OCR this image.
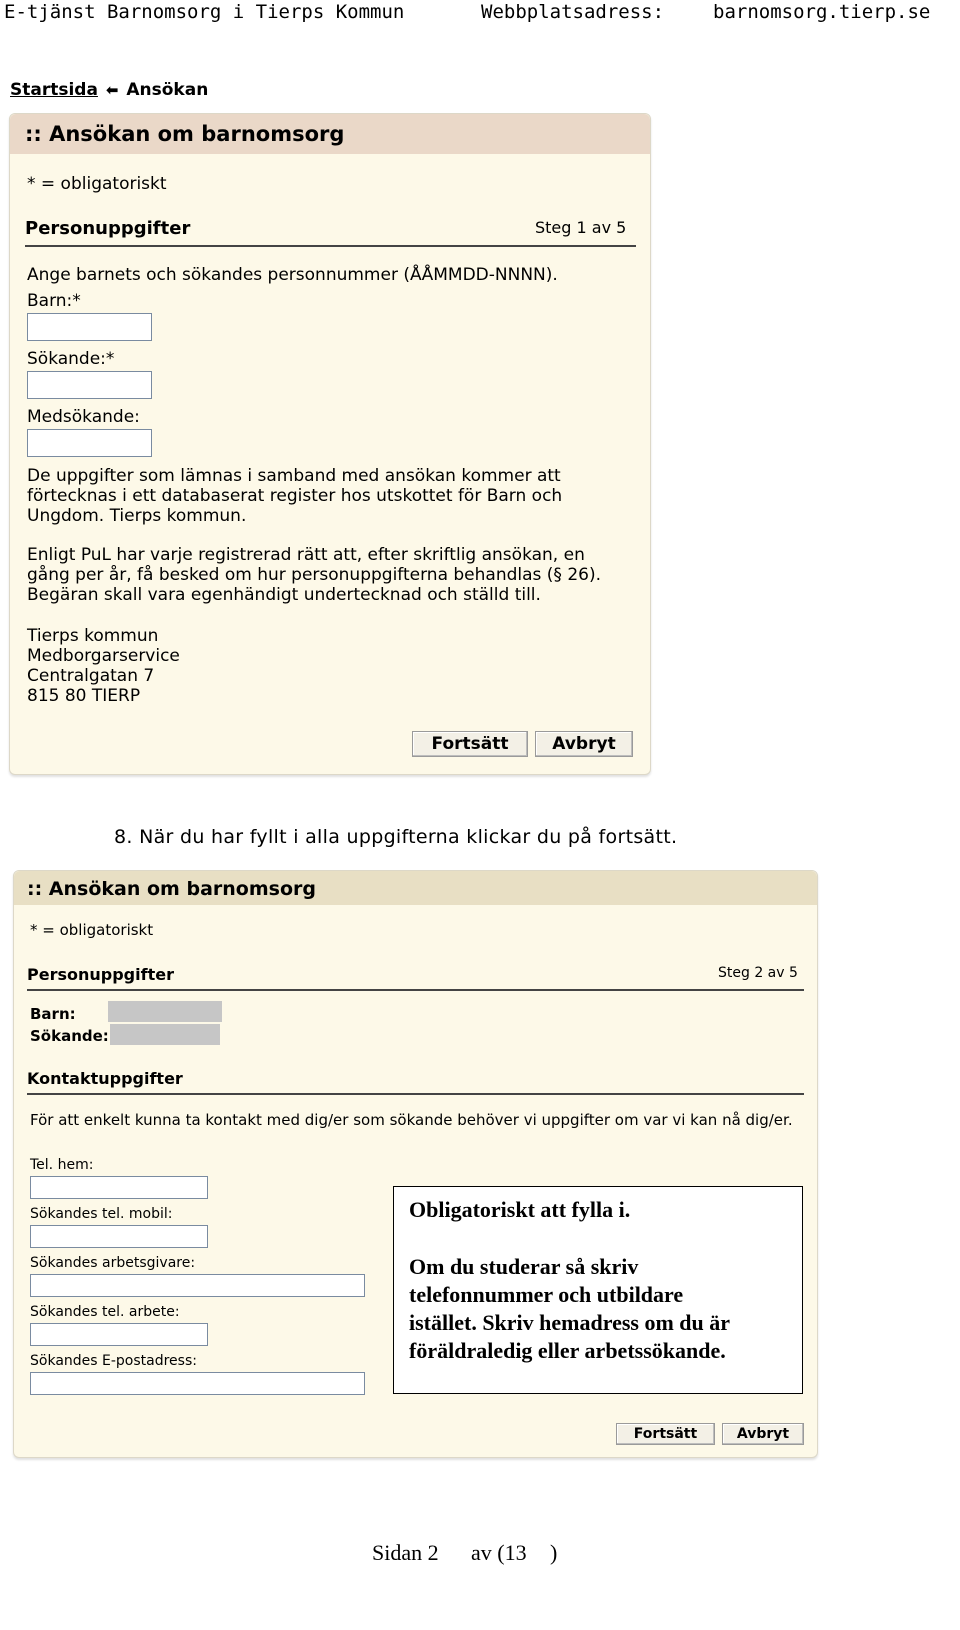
E-tjänst Barnomsorg i Tierps Kommun	Webbplatsadress:	barnomsorg.tierp.se
Startsida ⬅ Ansökan
:: Ansökan om barnomsorg
* = obligatoriskt
Personuppgifter	Steg 1 av 5
Ange barnets och sökandes personnummer (ÅÅMMDD-NNNN).
Barn:*
Sökande:*
Medsökande:
De uppgifter som lämnas i samband med ansökan kommer att
förtecknas i ett databaserat register hos utskottet för Barn och
Ungdom. Tierps kommun.
Enligt PuL har varje registrerad rätt att, efter skriftlig ansökan, en
gång per år, få besked om hur personuppgifterna behandlas (§ 26).
Begäran skall vara egenhändigt undertecknad och ställd till.
Tierps kommun
Medborgarservice
Centralgatan 7
815 80 TIERP
Fortsätt	Avbryt
8. När du har fyllt i alla uppgifterna klickar du på fortsätt.
:: Ansökan om barnomsorg
* = obligatoriskt
Personuppgifter	Steg 2 av 5
Barn:
Sökande:
Kontaktuppgifter
För att enkelt kunna ta kontakt med dig/er som sökande behöver vi uppgifter om var vi kan nå dig/er.
Tel. hem:
Sökandes tel. mobil:
Sökandes arbetsgivare:
Sökandes tel. arbete:
Sökandes E-postadress:
Fortsätt	Avbryt
Obligatoriskt att fylla i.
Om du studerar så skriv
telefonnummer och utbildare
istället. Skriv hemadress om du är
föräldraledig eller arbetssökande.
Sidan 2 av (13 )
